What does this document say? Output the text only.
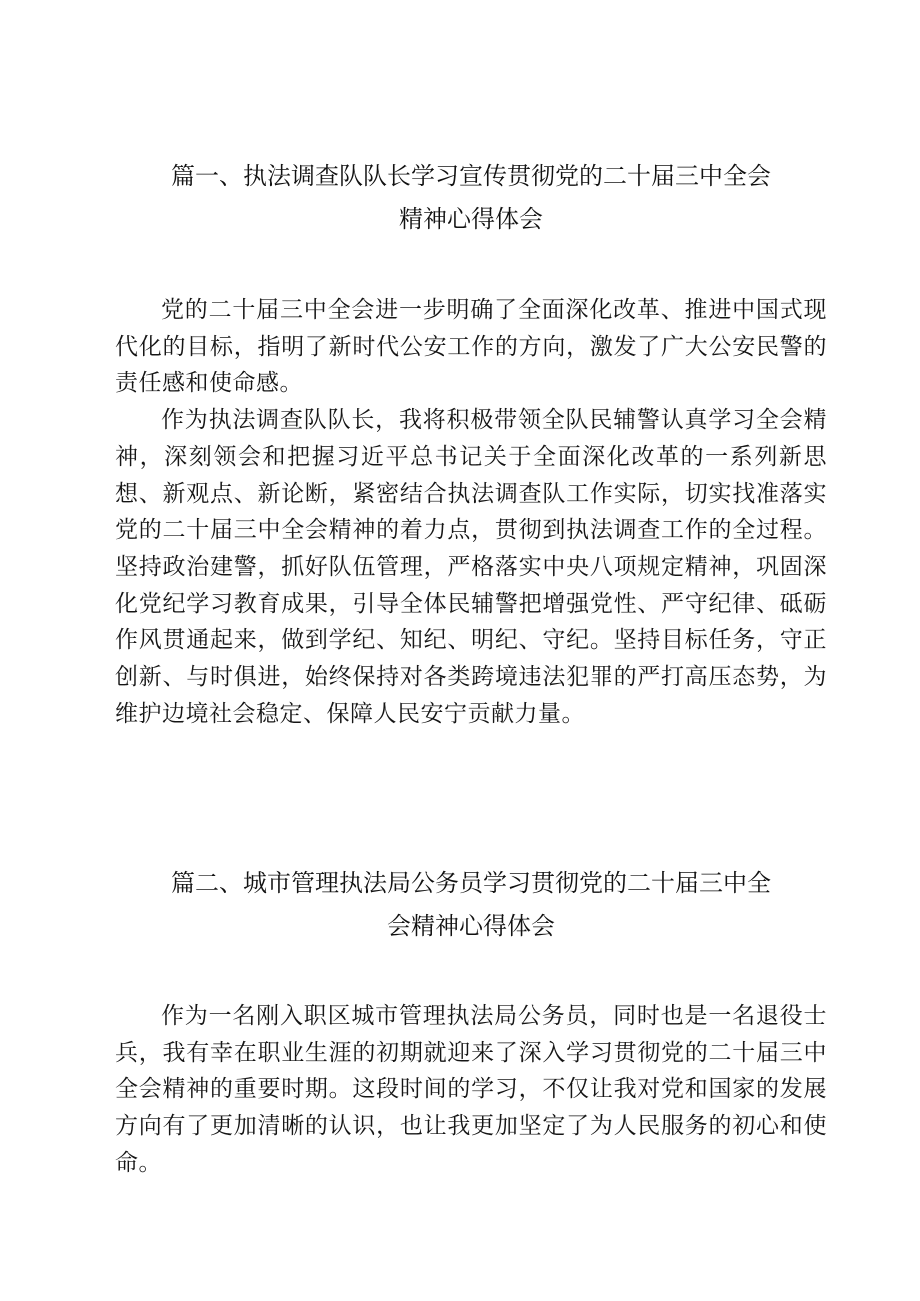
篇一、执法调查队队长学习宣传贯彻党的二十届三中全会
精神心得体会

党的二十届三中全会进一步明确了全面深化改革、推进中国式现代化的目标，指明了新时代公安工作的方向，激发了广大公安民警的责任感和使命感。

作为执法调查队队长，我将积极带领全队民辅警认真学习全会精神，深刻领会和把握习近平总书记关于全面深化改革的一系列新思想、新观点、新论断，紧密结合执法调查队工作实际，切实找准落实党的二十届三中全会精神的着力点，贯彻到执法调查工作的全过程。坚持政治建警，抓好队伍管理，严格落实中央八项规定精神，巩固深化党纪学习教育成果，引导全体民辅警把增强党性、严守纪律、砥砺作风贯通起来，做到学纪、知纪、明纪、守纪。坚持目标任务，守正创新、与时俱进，始终保持对各类跨境违法犯罪的严打高压态势，为维护边境社会稳定、保障人民安宁贡献力量。

篇二、城市管理执法局公务员学习贯彻党的二十届三中全
会精神心得体会

作为一名刚入职区城市管理执法局公务员，同时也是一名退役士兵，我有幸在职业生涯的初期就迎来了深入学习贯彻党的二十届三中全会精神的重要时期。这段时间的学习，不仅让我对党和国家的发展方向有了更加清晰的认识，也让我更加坚定了为人民服务的初心和使命。
